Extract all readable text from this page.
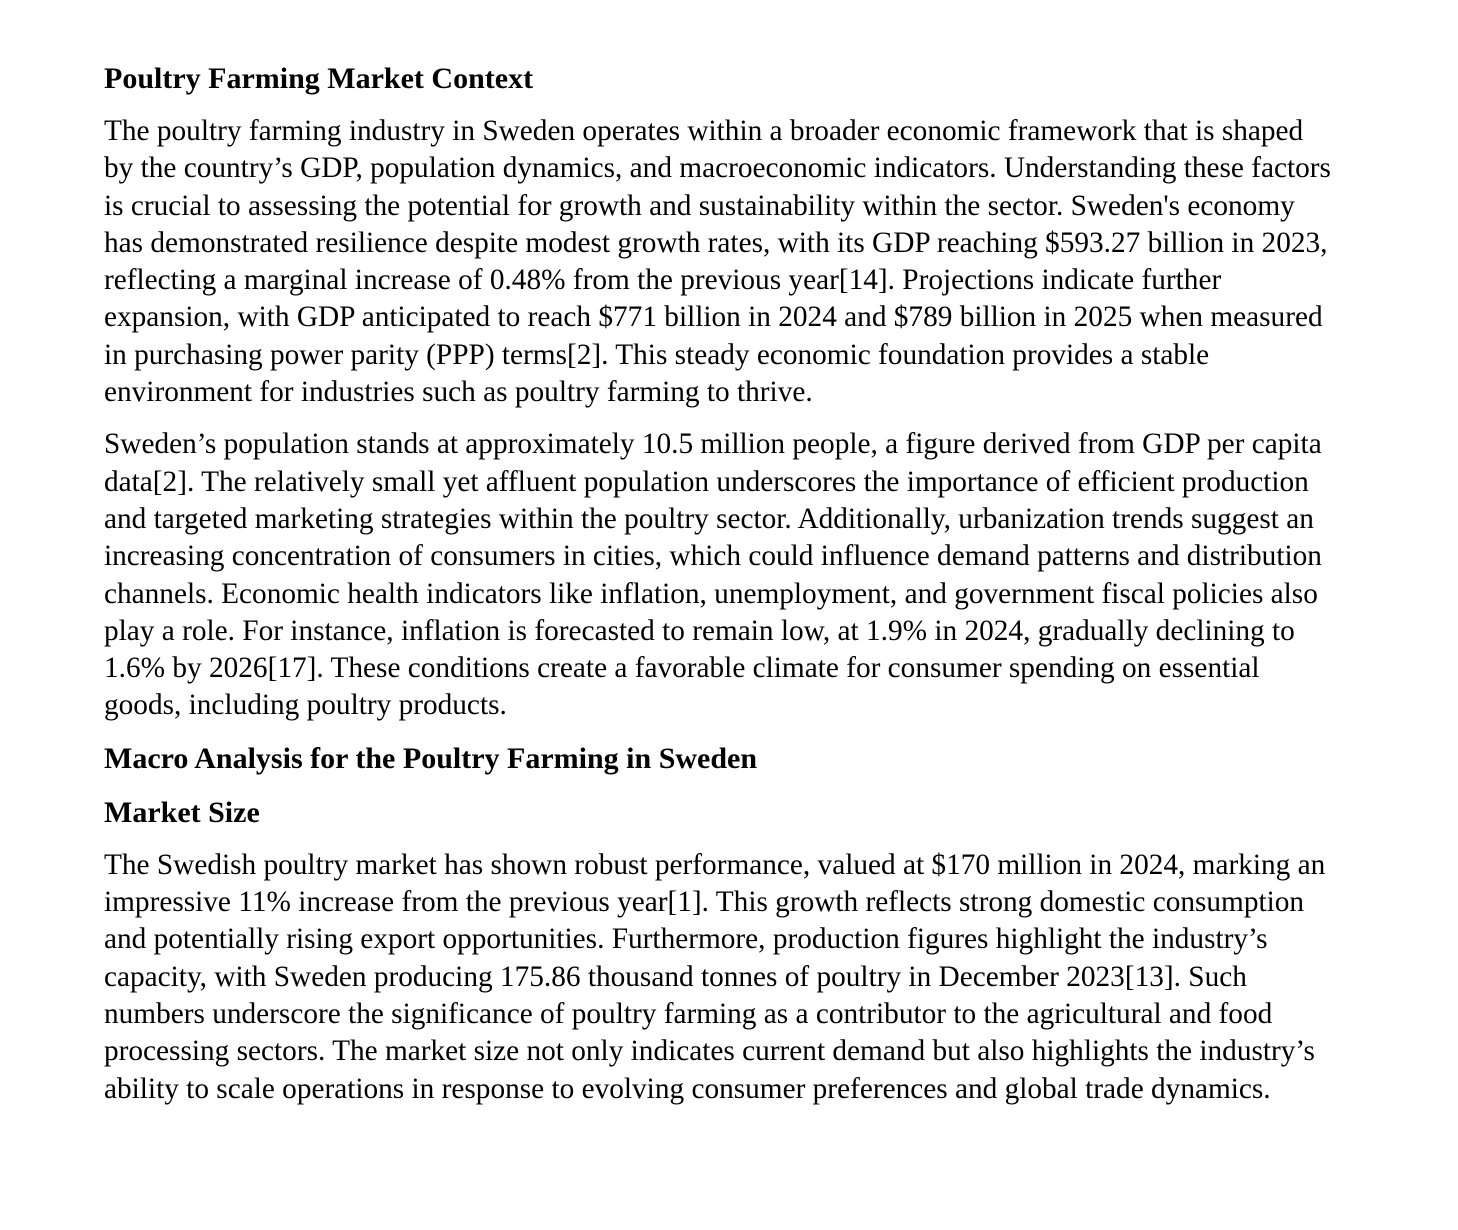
Poultry Farming Market Context

The poultry farming industry in Sweden operates within a broader economic framework that is shaped by the country’s GDP, population dynamics, and macroeconomic indicators. Understanding these factors is crucial to assessing the potential for growth and sustainability within the sector. Sweden's economy has demonstrated resilience despite modest growth rates, with its GDP reaching $593.27 billion in 2023, reflecting a marginal increase of 0.48% from the previous year[14]. Projections indicate further expansion, with GDP anticipated to reach $771 billion in 2024 and $789 billion in 2025 when measured in purchasing power parity (PPP) terms[2]. This steady economic foundation provides a stable environment for industries such as poultry farming to thrive.

Sweden’s population stands at approximately 10.5 million people, a figure derived from GDP per capita data[2]. The relatively small yet affluent population underscores the importance of efficient production and targeted marketing strategies within the poultry sector. Additionally, urbanization trends suggest an increasing concentration of consumers in cities, which could influence demand patterns and distribution channels. Economic health indicators like inflation, unemployment, and government fiscal policies also play a role. For instance, inflation is forecasted to remain low, at 1.9% in 2024, gradually declining to 1.6% by 2026[17]. These conditions create a favorable climate for consumer spending on essential goods, including poultry products.

Macro Analysis for the Poultry Farming in Sweden
Market Size

The Swedish poultry market has shown robust performance, valued at $170 million in 2024, marking an impressive 11% increase from the previous year[1]. This growth reflects strong domestic consumption and potentially rising export opportunities. Furthermore, production figures highlight the industry’s capacity, with Sweden producing 175.86 thousand tonnes of poultry in December 2023[13]. Such numbers underscore the significance of poultry farming as a contributor to the agricultural and food processing sectors. The market size not only indicates current demand but also highlights the industry’s ability to scale operations in response to evolving consumer preferences and global trade dynamics.
